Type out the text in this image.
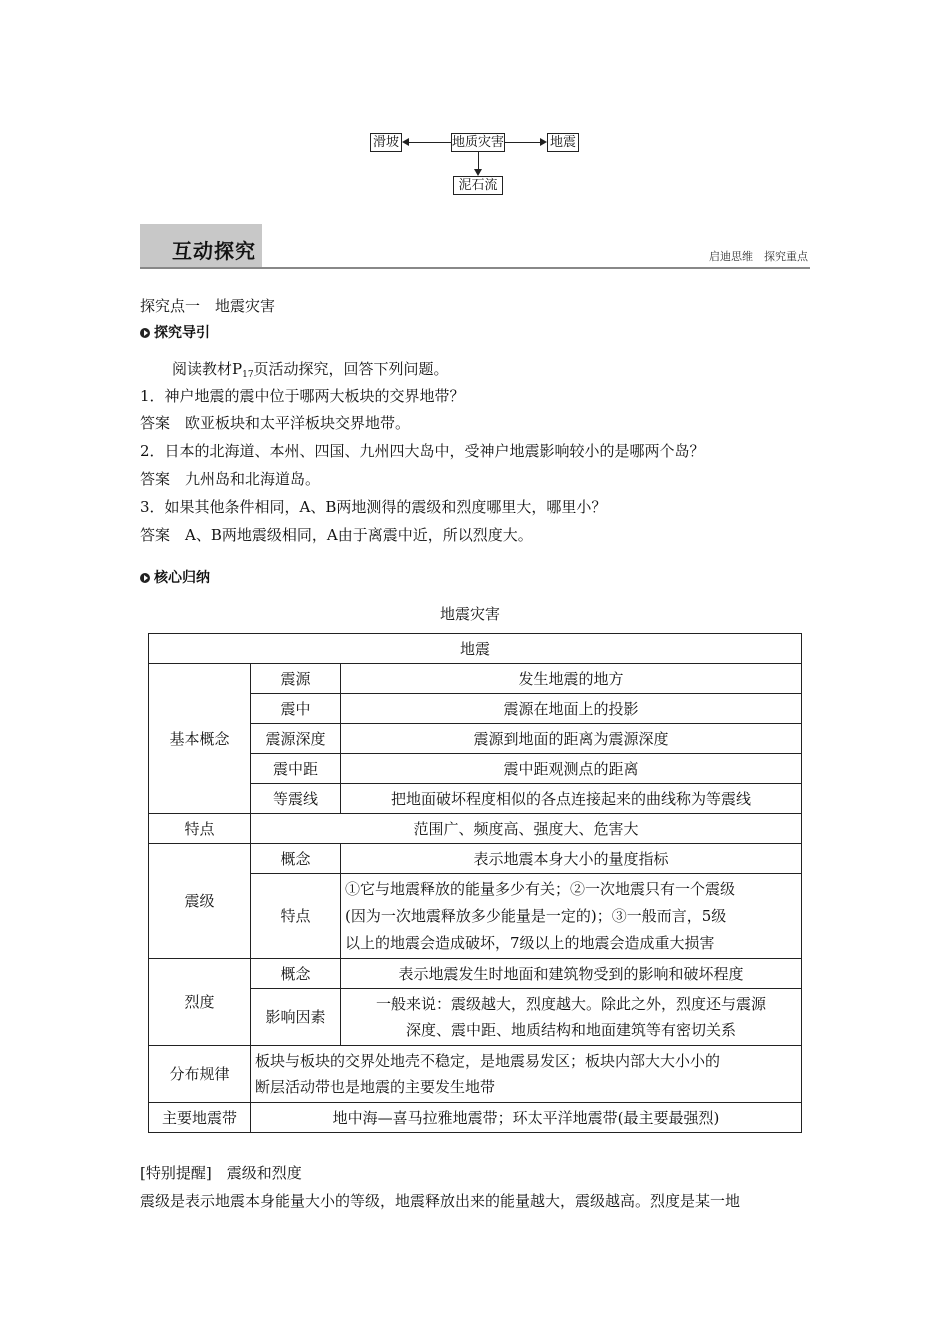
滑坡	地质灾害	地震
泥石流
互动探究	启迪思维　探究重点
探究点一　地震灾害
探究导引
阅读教材$P_{17}$页活动探究，回答下列问题。
1．神户地震的震中位于哪两大板块的交界地带？
答案　欧亚板块和太平洋板块交界地带。
2．日本的北海道、本州、四国、九州四大岛中，受神户地震影响较小的是哪两个岛？
答案　九州岛和北海道岛。
3．如果其他条件相同，A、B两地测得的震级和烈度哪里大，哪里小？
答案　A、B两地震级相同，A由于离震中近，所以烈度大。
核心归纳
地震灾害
地震		
基本概念	震源	发生地震的地方
	震中	震源在地面上的投影
	震源深度	震源到地面的距离为震源深度
	震中距	震中距观测点的距离
	等震线	把地面破坏程度相似的各点连接起来的曲线称为等震线
特点	范围广、频度高、强度大、危害大	
震级	概念	表示地震本身大小的量度指标
	特点	①它与地震释放的能量多少有关；②一次地震只有一个震级
(因为一次地震释放多少能量是一定的)；③一般而言，5级
以上的地震会造成破坏，7级以上的地震会造成重大损害

烈度	概念	表示地震发生时地面和建筑物受到的影响和破坏程度
	影响因素	一般来说：震级越大，烈度越大。除此之外，烈度还与震源
深度、震中距、地质结构和地面建筑等有密切关系

分布规律	板块与板块的交界处地壳不稳定，是地震易发区；板块内部大大小小的
断层活动带也是地震的主要发生地带	

主要地震带	地中海—喜马拉雅地震带；环太平洋地震带(最主要最强烈)	
[特别提醒]　震级和烈度
震级是表示地震本身能量大小的等级，地震释放出来的能量越大，震级越高。烈度是某一地
